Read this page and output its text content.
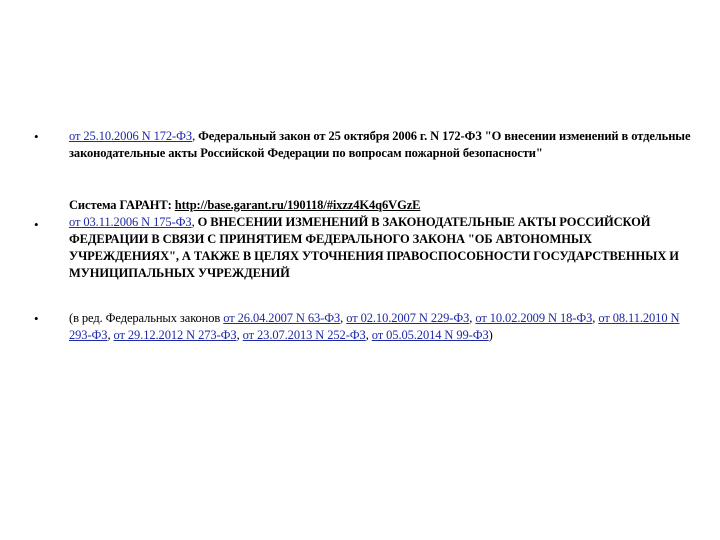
• от 25.10.2006 N 172-ФЗ, Федеральный закон от 25 октября 2006 г. N 172-ФЗ "О внесении изменений в отдельные законодательные акты Российской Федерации по вопросам пожарной безопасности"
•
Система ГАРАНТ: http://base.garant.ru/190118/#ixzz4K4q6VGzE
от 03.11.2006 N 175-ФЗ, О ВНЕСЕНИИ ИЗМЕНЕНИЙ В ЗАКОНОДАТЕЛЬНЫЕ АКТЫ РОССИЙСКОЙ ФЕДЕРАЦИИ В СВЯЗИ С ПРИНЯТИЕМ ФЕДЕРАЛЬНОГО ЗАКОНА "ОБ АВТОНОМНЫХ УЧРЕЖДЕНИЯХ", А ТАКЖЕ В ЦЕЛЯХ УТОЧНЕНИЯ ПРАВОСПОСОБНОСТИ ГОСУДАРСТВЕННЫХ И МУНИЦИПАЛЬНЫХ УЧРЕЖДЕНИЙ
• (в ред. Федеральных законов от 26.04.2007 N 63-ФЗ, от 02.10.2007 N 229-ФЗ, от 10.02.2009 N 18-ФЗ, от 08.11.2010 N 293-ФЗ, от 29.12.2012 N 273-ФЗ, от 23.07.2013 N 252-ФЗ, от 05.05.2014 N 99-ФЗ)
